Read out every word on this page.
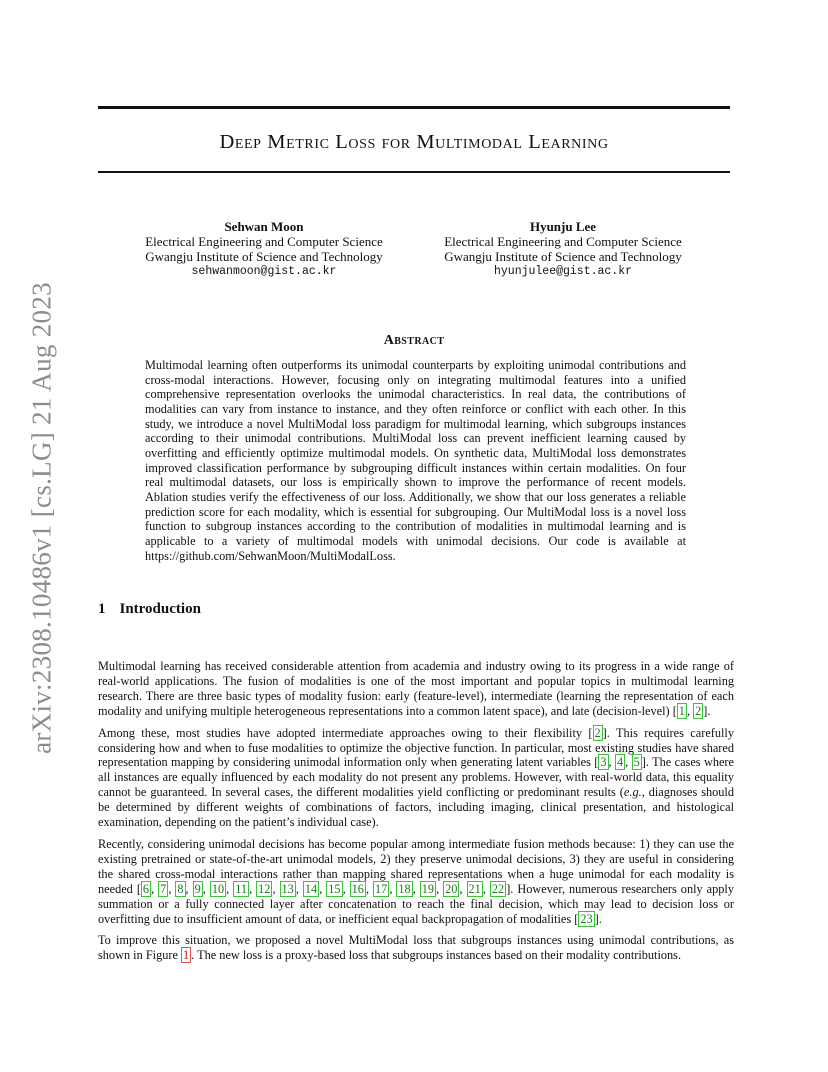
arXiv:2308.10486v1 [cs.LG] 21 Aug 2023
Deep Metric Loss for Multimodal Learning
Sehwan Moon
Electrical Engineering and Computer Science
Gwangju Institute of Science and Technology
sehwanmoon@gist.ac.kr
Hyunju Lee
Electrical Engineering and Computer Science
Gwangju Institute of Science and Technology
hyunjulee@gist.ac.kr
Abstract
Multimodal learning often outperforms its unimodal counterparts by exploiting unimodal contributions and cross-modal interactions. However, focusing only on integrating multimodal features into a unified comprehensive representation overlooks the unimodal characteristics. In real data, the contributions of modalities can vary from instance to instance, and they often reinforce or conflict with each other. In this study, we introduce a novel MultiModal loss paradigm for multimodal learning, which subgroups instances according to their unimodal contributions. MultiModal loss can prevent inefficient learning caused by overfitting and efficiently optimize multimodal models. On synthetic data, MultiModal loss demonstrates improved classification performance by subgrouping difficult instances within certain modalities. On four real multimodal datasets, our loss is empirically shown to improve the performance of recent models. Ablation studies verify the effectiveness of our loss. Additionally, we show that our loss generates a reliable prediction score for each modality, which is essential for subgrouping. Our MultiModal loss is a novel loss function to subgroup instances according to the contribution of modalities in multimodal learning and is applicable to a variety of multimodal models with unimodal decisions. Our code is available at https://github.com/SehwanMoon/MultiModalLoss.
1 Introduction

Multimodal learning has received considerable attention from academia and industry owing to its progress in a wide range of real-world applications. The fusion of modalities is one of the most important and popular topics in multimodal learning research. There are three basic types of modality fusion: early (feature-level), intermediate (learning the representation of each modality and unifying multiple heterogeneous representations into a common latent space), and late (decision-level) [ 1 , 2 ].

Among these, most studies have adopted intermediate approaches owing to their flexibility [ 2 ]. This requires carefully considering how and when to fuse modalities to optimize the objective function. In particular, most existing studies have shared representation mapping by considering unimodal information only when generating latent variables [ 3 , 4 , 5 ]. The cases where all instances are equally influenced by each modality do not present any problems. However, with real-world data, this equality cannot be guaranteed. In several cases, the different modalities yield conflicting or predominant results (e.g., diagnoses should be determined by different weights of combinations of factors, including imaging, clinical presentation, and histological examination, depending on the patient’s individual case).

Recently, considering unimodal decisions has become popular among intermediate fusion methods because: 1) they can use the existing pretrained or state-of-the-art unimodal models, 2) they preserve unimodal decisions, 3) they are useful in considering the shared cross-modal interactions rather than mapping shared representations when a huge unimodal for each modality is needed [ 6 , 7 , 8 , 9 , 10 , 11 , 12 , 13 , 14 , 15 , 16 , 17 , 18 , 19 , 20 , 21 , 22 ]. However, numerous researchers only apply summation or a fully connected layer after concatenation to reach the final decision, which may lead to decision loss or overfitting due to insufficient amount of data, or inefficient equal backpropagation of modalities [ 23 ].

To improve this situation, we proposed a novel MultiModal loss that subgroups instances using unimodal contributions, as shown in Figure 1 . The new loss is a proxy-based loss that subgroups instances based on their modality contributions.
